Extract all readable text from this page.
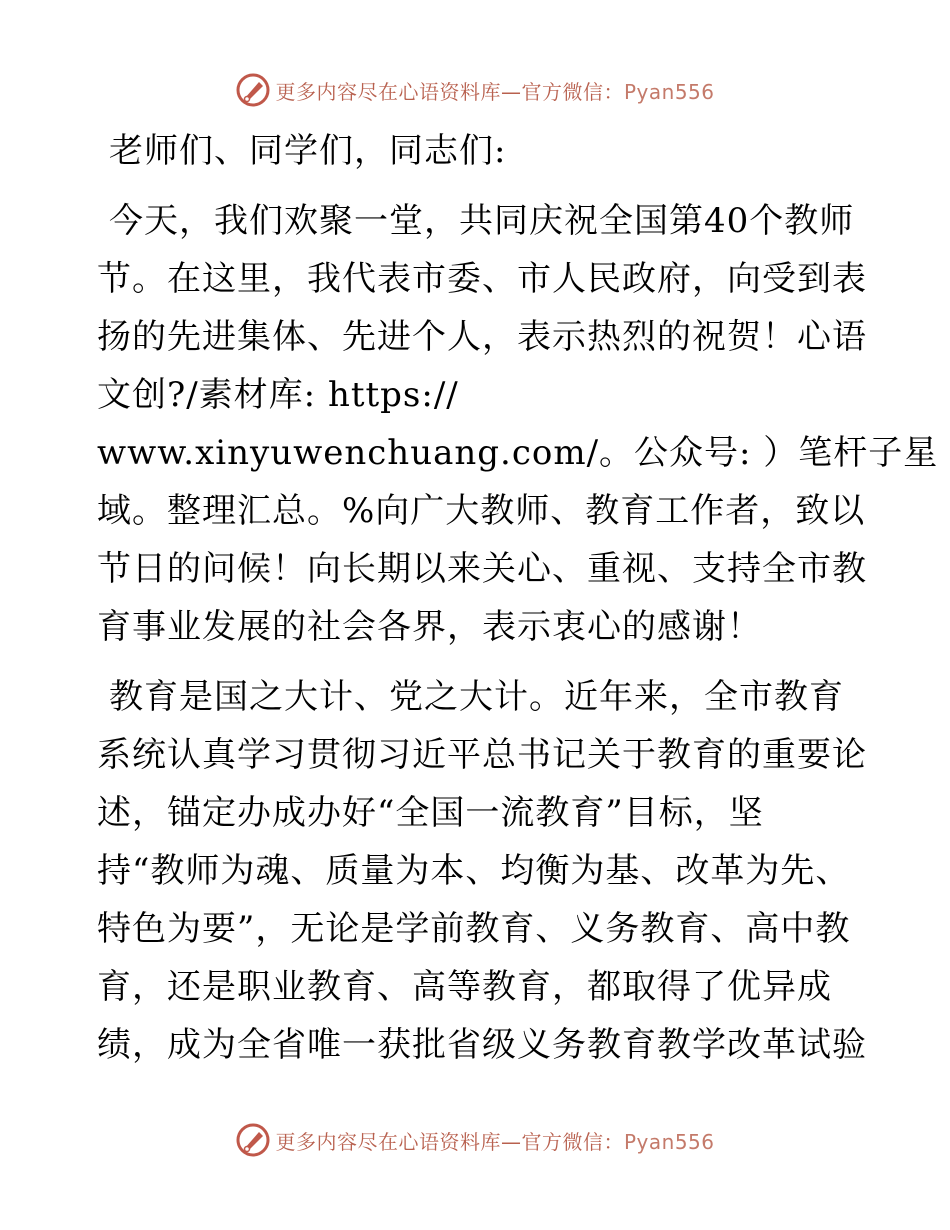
更多内容尽在心语资料库—官方微信：Pyan556
老师们、同学们，同志们:
今天，我们欢聚一堂，共同庆祝全国第40个教师
节。在这里，我代表市委、市人民政府，向受到表
扬的先进集体、先进个人，表示热烈的祝贺！心语
文创?/素材库: https://
www.xinyuwenchuang.com/。公众号: ）笔杆子星
域。整理汇总。%向广大教师、教育工作者，致以
节日的问候！向长期以来关心、重视、支持全市教
育事业发展的社会各界，表示衷心的感谢！
教育是国之大计、党之大计。近年来，全市教育
系统认真学习贯彻习近平总书记关于教育的重要论
述，锚定办成办好“全国一流教育”目标，坚
持“教师为魂、质量为本、均衡为基、改革为先、
特色为要”，无论是学前教育、义务教育、高中教
育，还是职业教育、高等教育，都取得了优异成
绩，成为全省唯一获批省级义务教育教学改革试验
更多内容尽在心语资料库—官方微信：Pyan556
